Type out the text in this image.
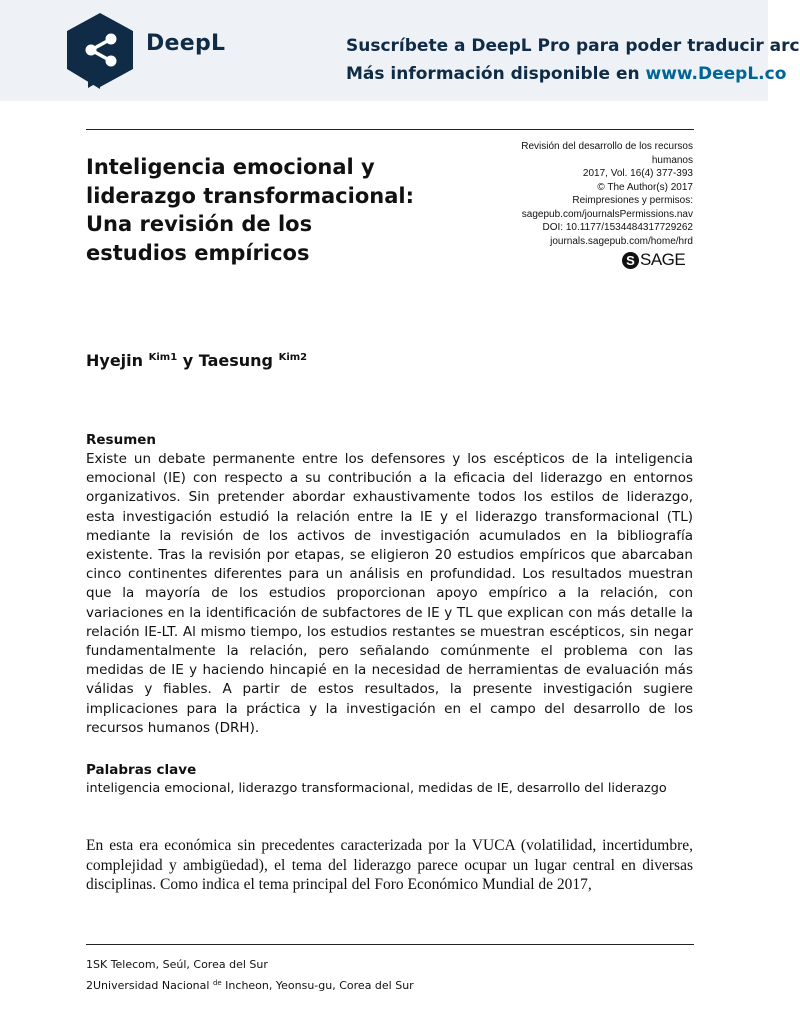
DeepL	Suscríbete a DeepL Pro para poder traducir arc
Más información disponible en www.DeepL.co
Inteligencia emocional y liderazgo transformacional: Una revisión de los estudios empíricos
Revisión del desarrollo de los recursos
humanos
2017, Vol. 16(4) 377-393
© The Author(s) 2017
Reimpresiones y permisos:
sagepub.com/journalsPermissions.nav
DOI: 10.1177/1534484317729262
journals.sagepub.com/home/hrd
S SAGE
Hyejin $^{Kim1}$ y Taesung $^{Kim2}$
Resumen

Existe un debate permanente entre los defensores y los escépticos de la inteligencia emocional (IE) con respecto a su contribución a la eficacia del liderazgo en entornos organizativos. Sin pretender abordar exhaustivamente todos los estilos de liderazgo, esta investigación estudió la relación entre la IE y el liderazgo transformacional (TL) mediante la revisión de los activos de investigación acumulados en la bibliografía existente. Tras la revisión por etapas, se eligieron 20 estudios empíricos que abarcaban cinco continentes diferentes para un análisis en profundidad. Los resultados muestran que la mayoría de los estudios proporcionan apoyo empírico a la relación, con variaciones en la identificación de subfactores de IE y TL que explican con más detalle la relación IE-LT. Al mismo tiempo, los estudios restantes se muestran escépticos, sin negar fundamentalmente la relación, pero señalando comúnmente el problema con las medidas de IE y haciendo hincapié en la necesidad de herramientas de evaluación más válidas y fiables. A partir de estos resultados, la presente investigación sugiere implicaciones para la práctica y la investigación en el campo del desarrollo de los recursos humanos (DRH).

Palabras clave
inteligencia emocional, liderazgo transformacional, medidas de IE, desarrollo del liderazgo

En esta era económica sin precedentes caracterizada por la VUCA (volatilidad, incertidumbre, complejidad y ambigüedad), el tema del liderazgo parece ocupar un lugar central en diversas disciplinas. Como indica el tema principal del Foro Económico Mundial de 2017,

1SK Telecom, Seúl, Corea del Sur
2Universidad Nacional $^{de}$ Incheon, Yeonsu-gu, Corea del Sur
